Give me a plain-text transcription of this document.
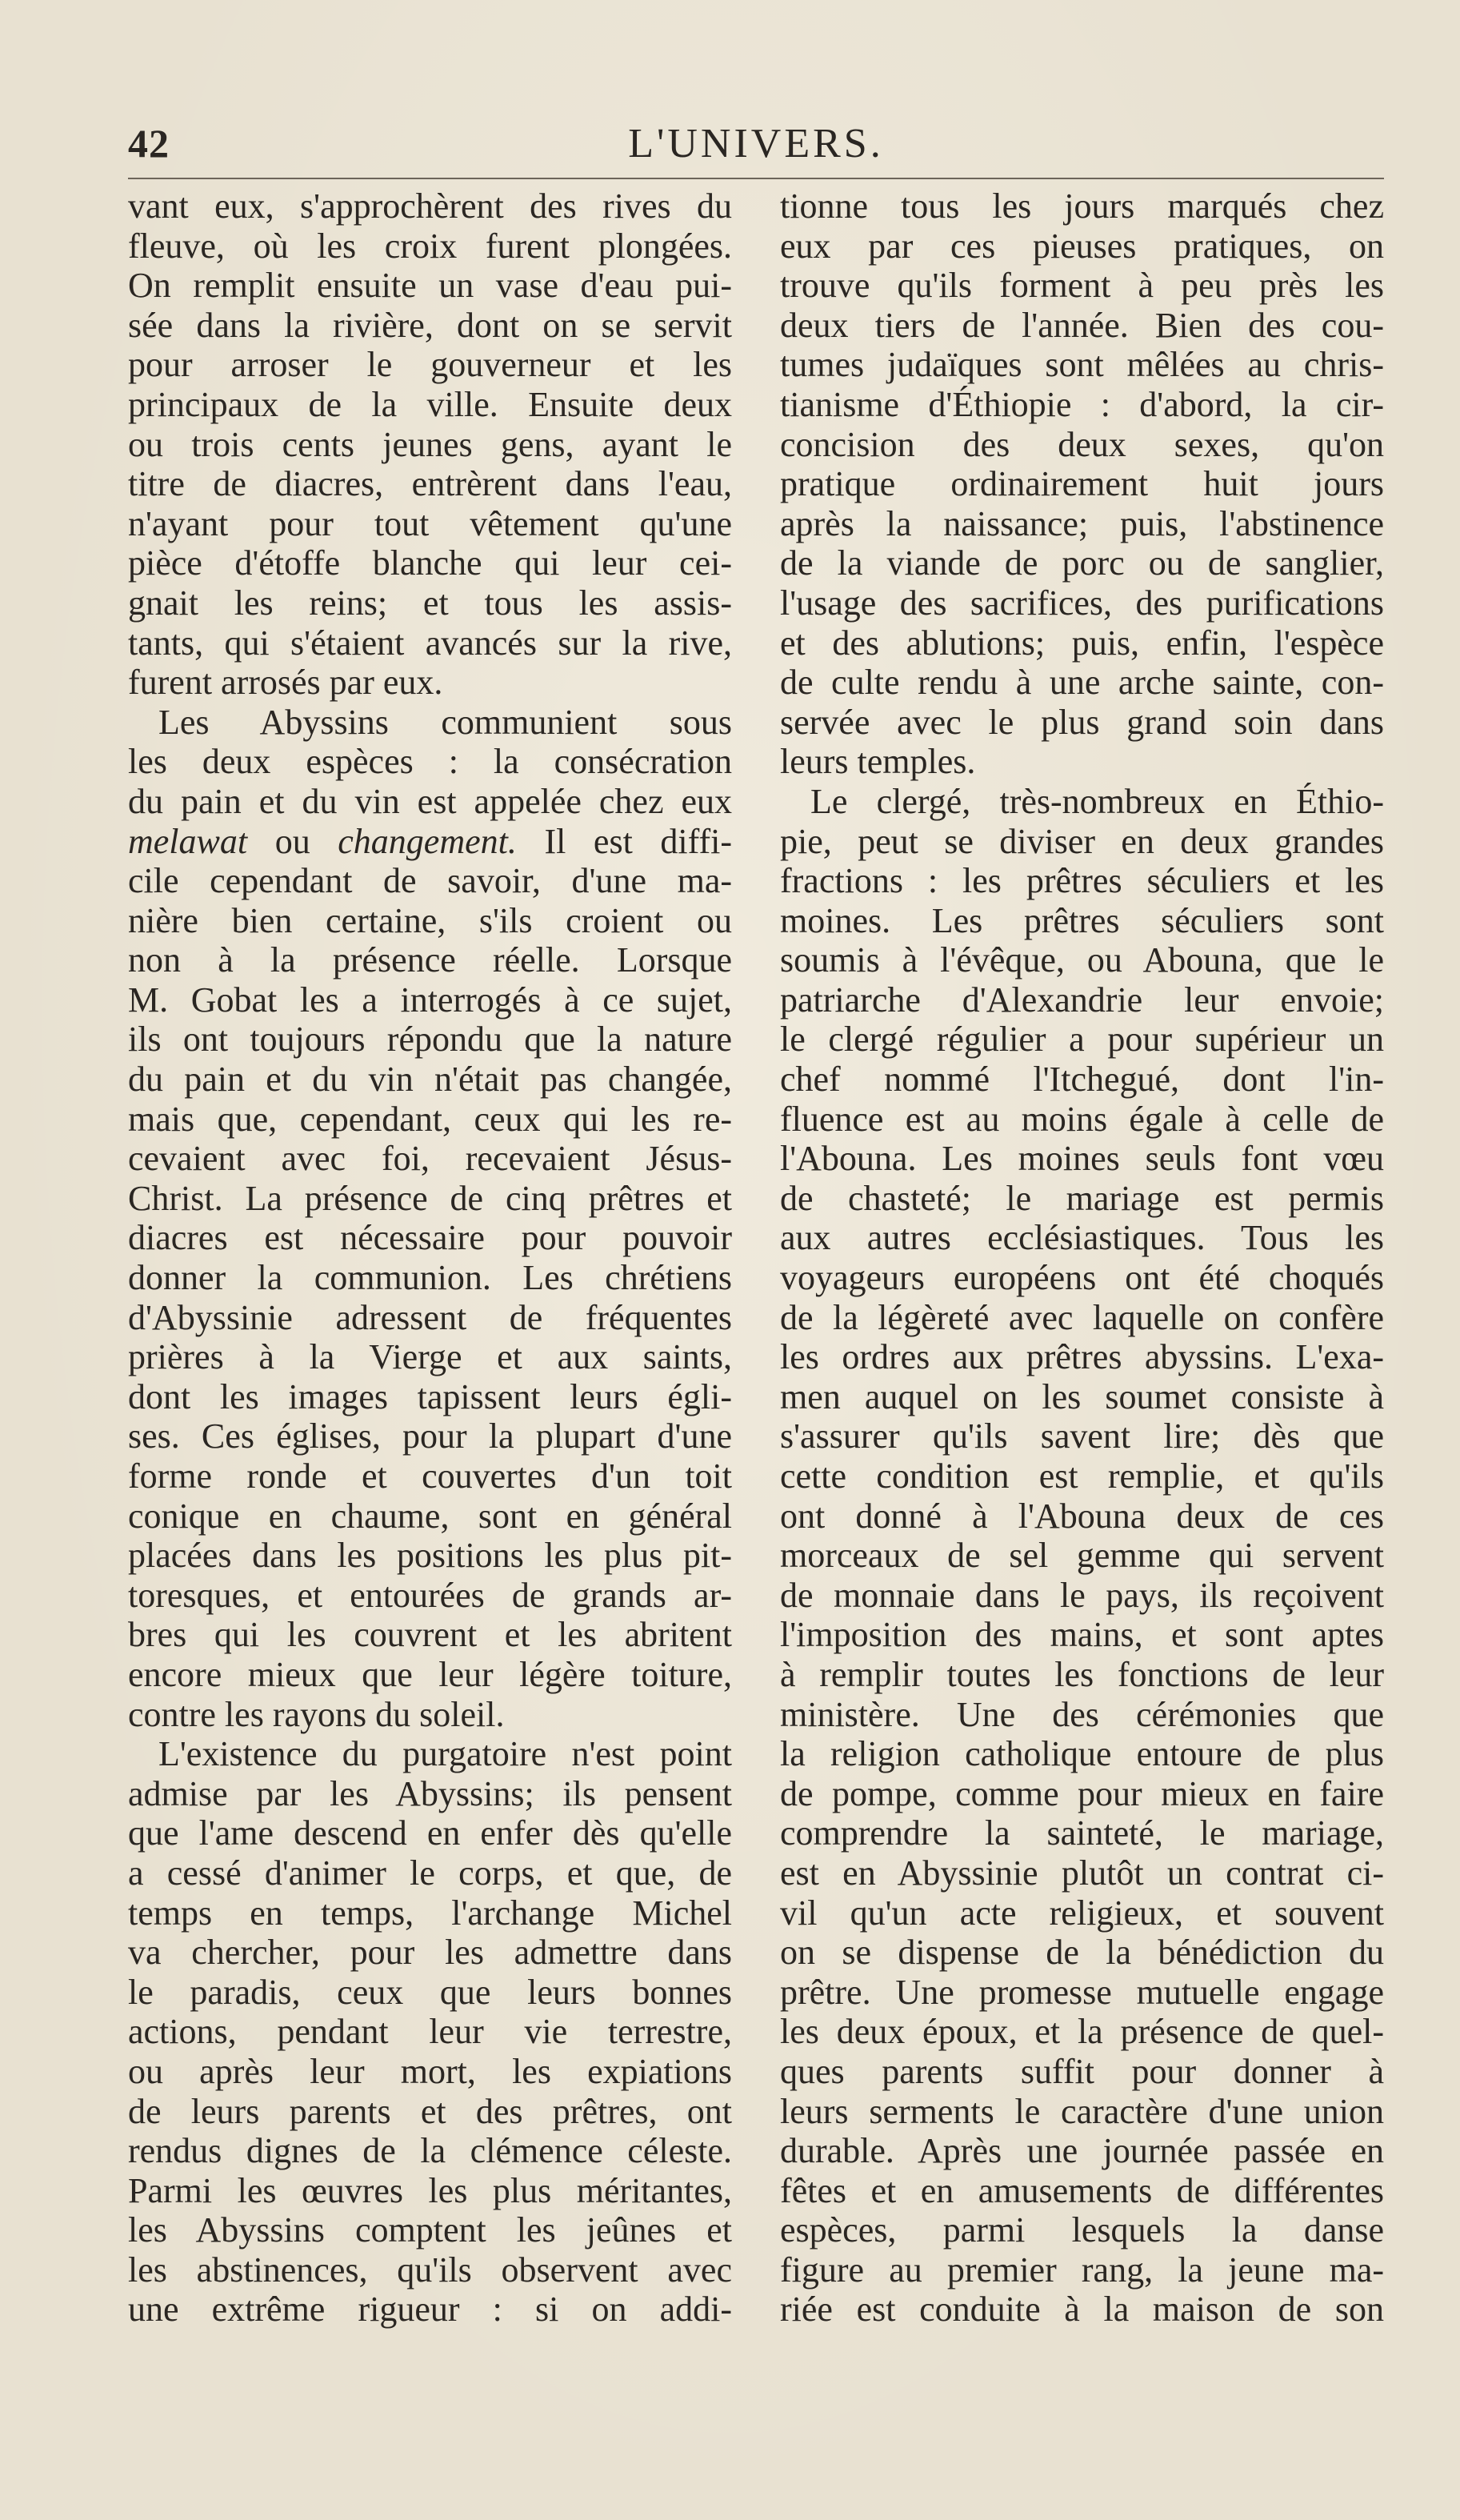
42	L'UNIVERS.
vant eux, s'approchèrent des rives du
fleuve, où les croix furent plongées.
On remplit ensuite un vase d'eau pui-
sée dans la rivière, dont on se servit
pour arroser le gouverneur et les
principaux de la ville. Ensuite deux
ou trois cents jeunes gens, ayant le
titre de diacres, entrèrent dans l'eau,
n'ayant pour tout vêtement qu'une
pièce d'étoffe blanche qui leur cei-
gnait les reins; et tous les assis-
tants, qui s'étaient avancés sur la rive,
furent arrosés par eux.
Les Abyssins communient sous
les deux espèces : la consécration
du pain et du vin est appelée chez eux
melawat ou changement. Il est diffi-
cile cependant de savoir, d'une ma-
nière bien certaine, s'ils croient ou
non à la présence réelle. Lorsque
M. Gobat les a interrogés à ce sujet,
ils ont toujours répondu que la nature
du pain et du vin n'était pas changée,
mais que, cependant, ceux qui les re-
cevaient avec foi, recevaient Jésus-
Christ. La présence de cinq prêtres et
diacres est nécessaire pour pouvoir
donner la communion. Les chrétiens
d'Abyssinie adressent de fréquentes
prières à la Vierge et aux saints,
dont les images tapissent leurs égli-
ses. Ces églises, pour la plupart d'une
forme ronde et couvertes d'un toit
conique en chaume, sont en général
placées dans les positions les plus pit-
toresques, et entourées de grands ar-
bres qui les couvrent et les abritent
encore mieux que leur légère toiture,
contre les rayons du soleil.
L'existence du purgatoire n'est point
admise par les Abyssins; ils pensent
que l'ame descend en enfer dès qu'elle
a cessé d'animer le corps, et que, de
temps en temps, l'archange Michel
va chercher, pour les admettre dans
le paradis, ceux que leurs bonnes
actions, pendant leur vie terrestre,
ou après leur mort, les expiations
de leurs parents et des prêtres, ont
rendus dignes de la clémence céleste.
Parmi les œuvres les plus méritantes,
les Abyssins comptent les jeûnes et
les abstinences, qu'ils observent avec
une extrême rigueur : si on addi-
tionne tous les jours marqués chez
eux par ces pieuses pratiques, on
trouve qu'ils forment à peu près les
deux tiers de l'année. Bien des cou-
tumes judaïques sont mêlées au chris-
tianisme d'Éthiopie : d'abord, la cir-
concision des deux sexes, qu'on
pratique ordinairement huit jours
après la naissance; puis, l'abstinence
de la viande de porc ou de sanglier,
l'usage des sacrifices, des purifications
et des ablutions; puis, enfin, l'espèce
de culte rendu à une arche sainte, con-
servée avec le plus grand soin dans
leurs temples.
Le clergé, très-nombreux en Éthio-
pie, peut se diviser en deux grandes
fractions : les prêtres séculiers et les
moines. Les prêtres séculiers sont
soumis à l'évêque, ou Abouna, que le
patriarche d'Alexandrie leur envoie;
le clergé régulier a pour supérieur un
chef nommé l'Itchegué, dont l'in-
fluence est au moins égale à celle de
l'Abouna. Les moines seuls font vœu
de chasteté; le mariage est permis
aux autres ecclésiastiques. Tous les
voyageurs européens ont été choqués
de la légèreté avec laquelle on confère
les ordres aux prêtres abyssins. L'exa-
men auquel on les soumet consiste à
s'assurer qu'ils savent lire; dès que
cette condition est remplie, et qu'ils
ont donné à l'Abouna deux de ces
morceaux de sel gemme qui servent
de monnaie dans le pays, ils reçoivent
l'imposition des mains, et sont aptes
à remplir toutes les fonctions de leur
ministère. Une des cérémonies que
la religion catholique entoure de plus
de pompe, comme pour mieux en faire
comprendre la sainteté, le mariage,
est en Abyssinie plutôt un contrat ci-
vil qu'un acte religieux, et souvent
on se dispense de la bénédiction du
prêtre. Une promesse mutuelle engage
les deux époux, et la présence de quel-
ques parents suffit pour donner à
leurs serments le caractère d'une union
durable. Après une journée passée en
fêtes et en amusements de différentes
espèces, parmi lesquels la danse
figure au premier rang, la jeune ma-
riée est conduite à la maison de son
